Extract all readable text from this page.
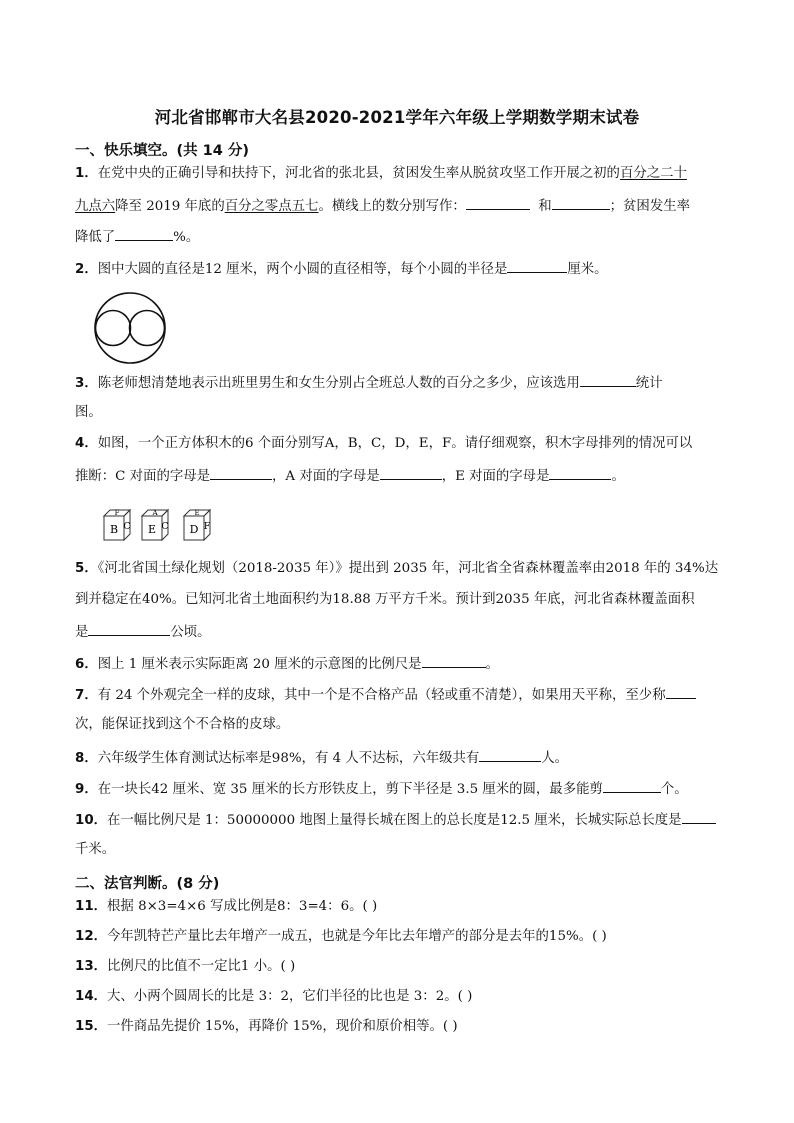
河北省邯郸市大名县2020-2021学年六年级上学期数学期末试卷
一、快乐填空。(共 14 分)
1．在党中央的正确引导和扶持下，河北省的张北县，贫困发生率从脱贫攻坚工作开展之初的百分之二十
九点六降至 2019 年底的百分之零点五七。横线上的数分别写作：	和	；贫困发生率
降低了	%。
2．图中大圆的直径是12 厘米，两个小圆的直径相等，每个小圆的半径是	厘米。
3．陈老师想清楚地表示出班里男生和女生分别占全班总人数的百分之多少，应该选用	统计
图。
4．如图，一个正方体积木的6 个面分别写A，B，C，D，E，F。请仔细观察，积木字母排列的情况可以
推断：C 对面的字母是	，A 对面的字母是	，E 对面的字母是	。
F
B C
A
E C
E
D F
5．《河北省国土绿化规划（2018-2035 年）》提出到 2035 年，河北省全省森林覆盖率由2018 年的 34%达
到并稳定在40%。已知河北省土地面积约为18.88 万平方千米。预计到2035 年底，河北省森林覆盖面积
是	公顷。
6．图上 1 厘米表示实际距离 20 厘米的示意图的比例尺是	。
7．有 24 个外观完全一样的皮球，其中一个是不合格产品（轻或重不清楚），如果用天平称，至少称
次，能保证找到这个不合格的皮球。
8．六年级学生体育测试达标率是98%，有 4 人不达标，六年级共有	人。
9．在一块长42 厘米、宽 35 厘米的长方形铁皮上，剪下半径是 3.5 厘米的圆，最多能剪	个。
10．在一幅比例尺是 1：50000000 地图上量得长城在图上的总长度是12.5 厘米，长城实际总长度是
千米。
二、法官判断。(8 分)
11．根据 8×3=4×6 写成比例是8：3=4：6。( )
12．今年凯特芒产量比去年增产一成五，也就是今年比去年增产的部分是去年的15%。( )
13．比例尺的比值不一定比1 小。( )
14．大、小两个圆周长的比是 3：2，它们半径的比也是 3：2。( )
15．一件商品先提价 15%，再降价 15%，现价和原价相等。( )
